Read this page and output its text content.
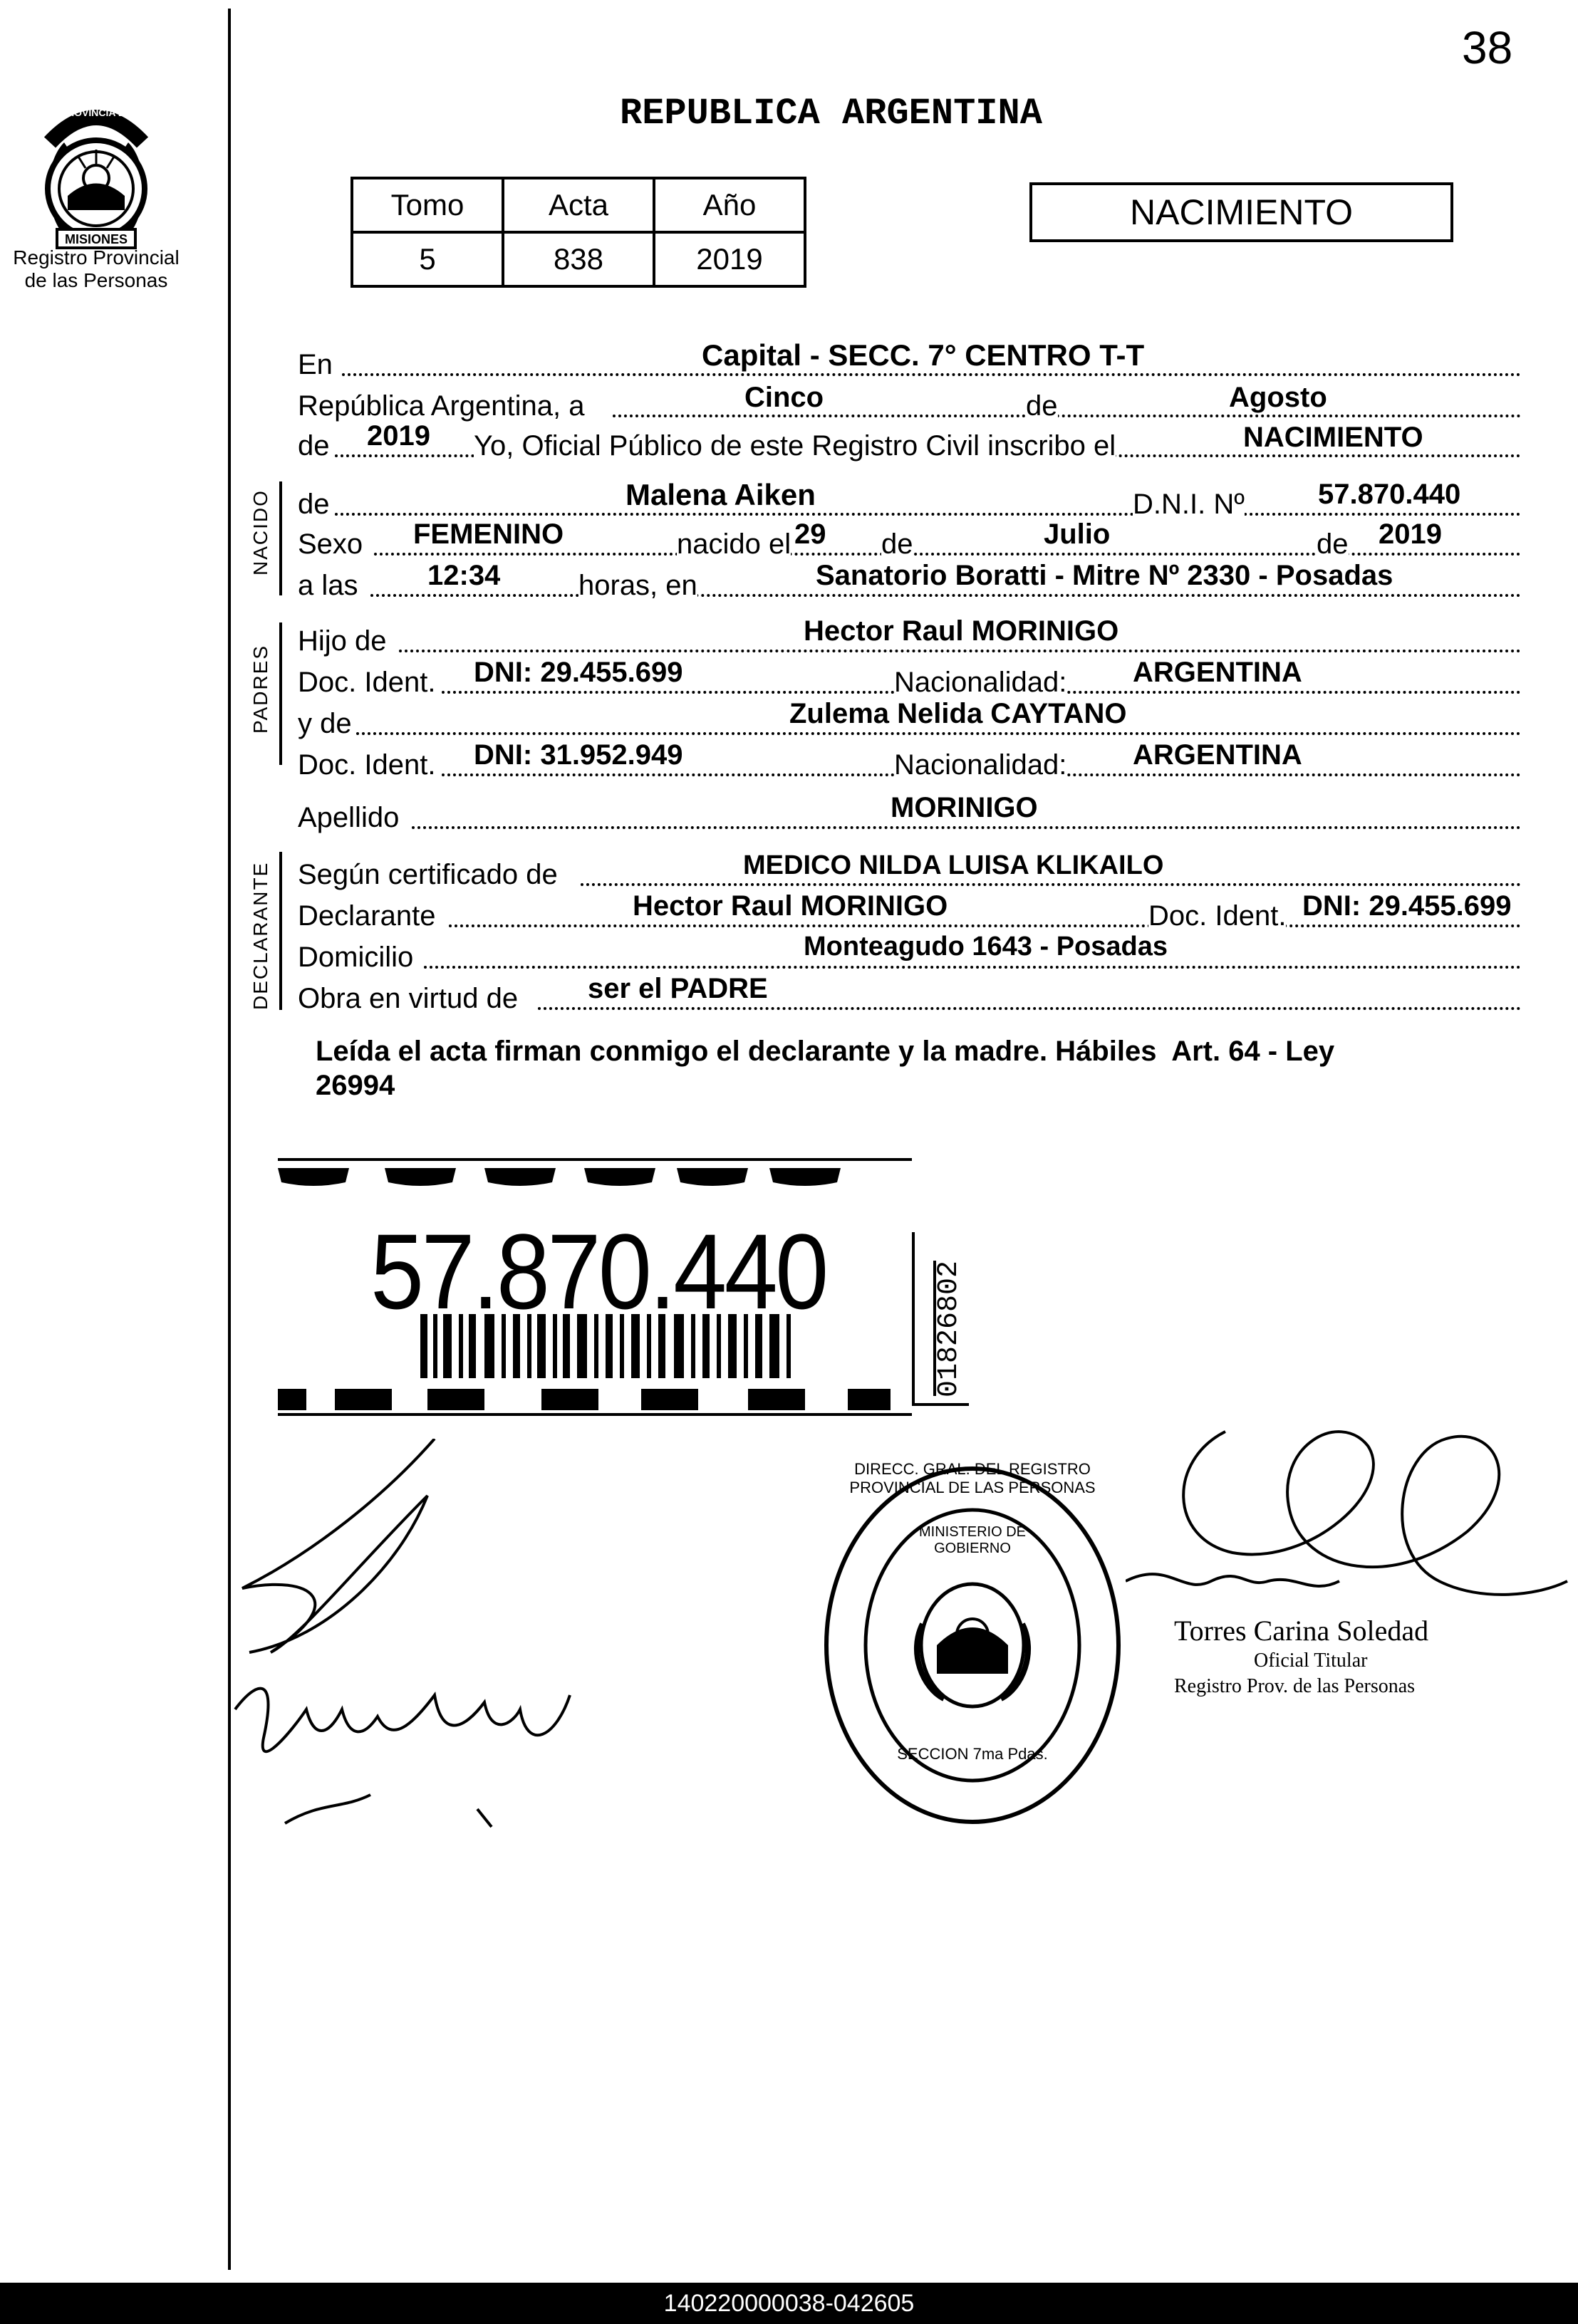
38
PROVINCIA DE
MISIONES
Registro Provincial
de las Personas
REPUBLICA ARGENTINA
Tomo	Acta	Año
5	838	2019
NACIMIENTO
En	Capital - SECC. 7° CENTRO T-T
República Argentina, a	Cinco	de	Agosto
de 2019 Yo, Oficial Público de este Registro Civil inscribo el	NACIMIENTO
NACIDO de	Malena Aiken	D.N.I. Nº	57.870.440
Sexo FEMENINO	nacido el 29 de	Julio	de 2019
a las 12:34	horas, en	Sanatorio Boratti - Mitre Nº 2330 - Posadas
PADRES
Hijo de	Hector Raul MORINIGO
Doc. Ident. DNI: 29.455.699	Nacionalidad: ARGENTINA
y de	Zulema Nelida CAYTANO
Doc. Ident. DNI: 31.952.949	Nacionalidad: ARGENTINA
Apellido	MORINIGO
DECLARANTE Según certificado de	MEDICO NILDA LUISA KLIKAILO
Declarante	Hector Raul MORINIGO	Doc. Ident. DNI: 29.455.699
Domicilio	Monteagudo 1643 - Posadas
Obra en virtud de ser el PADRE
Leída el acta firman conmigo el declarante y la madre. Hábiles  Art. 64 - Ley
26994
57.870.440	01826802
DIRECC. GRAL. DEL REGISTRO PROVINCIAL DE LAS PERSONAS
MINISTERIO DE GOBIERNO
SECCION 7ma Pdas.
Torres Carina Soledad
Oficial Titular
Registro Prov. de las Personas
140220000038-042605
